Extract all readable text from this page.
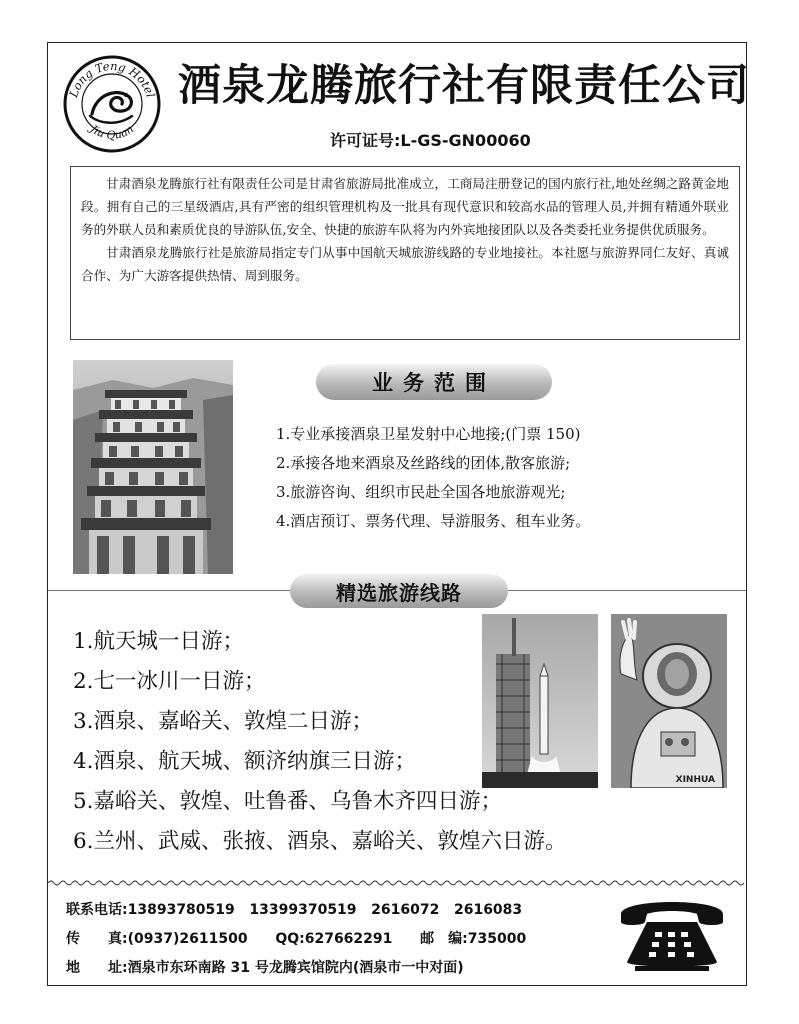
Long Teng Hotel
Jiu Quan
酒泉龙腾旅行社有限责任公司
许可证号:L-GS-GN00060

甘肃酒泉龙腾旅行社有限责任公司是甘肃省旅游局批准成立，工商局注册登记的国内旅行社,地处丝绸之路黄金地段。拥有自己的三星级酒店,具有严密的组织管理机构及一批具有现代意识和较高水品的管理人员,并拥有精通外联业务的外联人员和素质优良的导游队伍,安全、快捷的旅游车队将为内外宾地接团队以及各类委托业务提供优质服务。

甘肃酒泉龙腾旅行社是旅游局指定专门从事中国航天城旅游线路的专业地接社。本社愿与旅游界同仁友好、真诚合作、为广大游客提供热情、周到服务。

业务范围
1.专业承接酒泉卫星发射中心地接;(门票 150)
2.承接各地来酒泉及丝路线的团体,散客旅游;
3.旅游咨询、组织市民赴全国各地旅游观光;
4.酒店预订、票务代理、导游服务、租车业务。
精选旅游线路
1.航天城一日游；
2.七一冰川一日游；
3.酒泉、嘉峪关、敦煌二日游；
4.酒泉、航天城、额济纳旗三日游；
5.嘉峪关、敦煌、吐鲁番、乌鲁木齐四日游；
6.兰州、武威、张掖、酒泉、嘉峪关、敦煌六日游。
XINHUA
联系电话:13893780519   13399370519   2616072   2616083
传　　真:(0937)2611500 QQ:627662291 邮　编:735000
地　　址:酒泉市东环南路 31 号龙腾宾馆院内(酒泉市一中对面)
